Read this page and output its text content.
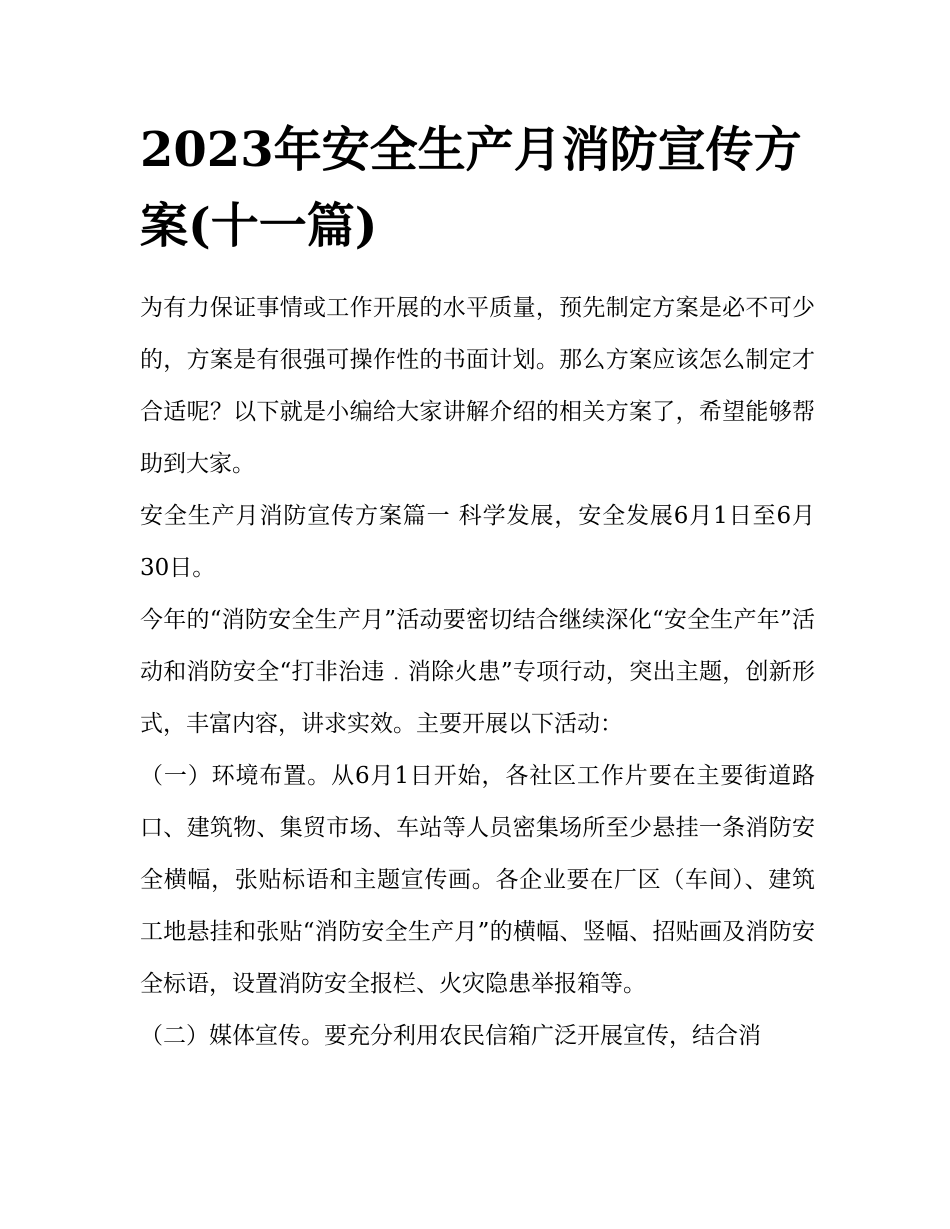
2023年安全生产月消防宣传方案(十一篇)

为有力保证事情或工作开展的水平质量，预先制定方案是必不可少的，方案是有很强可操作性的书面计划。那么方案应该怎么制定才合适呢？以下就是小编给大家讲解介绍的相关方案了，希望能够帮助到大家。

安全生产月消防宣传方案篇一 科学发展，安全发展6月1日至6月30日。

今年的“消防安全生产月”活动要密切结合继续深化“安全生产年”活动和消防安全“打非治违﹒消除火患”专项行动，突出主题，创新形式，丰富内容，讲求实效。主要开展以下活动：

（一）环境布置。从6月1日开始，各社区工作片要在主要街道路口、建筑物、集贸市场、车站等人员密集场所至少悬挂一条消防安全横幅，张贴标语和主题宣传画。各企业要在厂区（车间）、建筑工地悬挂和张贴“消防安全生产月”的横幅、竖幅、招贴画及消防安全标语，设置消防安全报栏、火灾隐患举报箱等。

（二）媒体宣传。要充分利用农民信箱广泛开展宣传，结合消
